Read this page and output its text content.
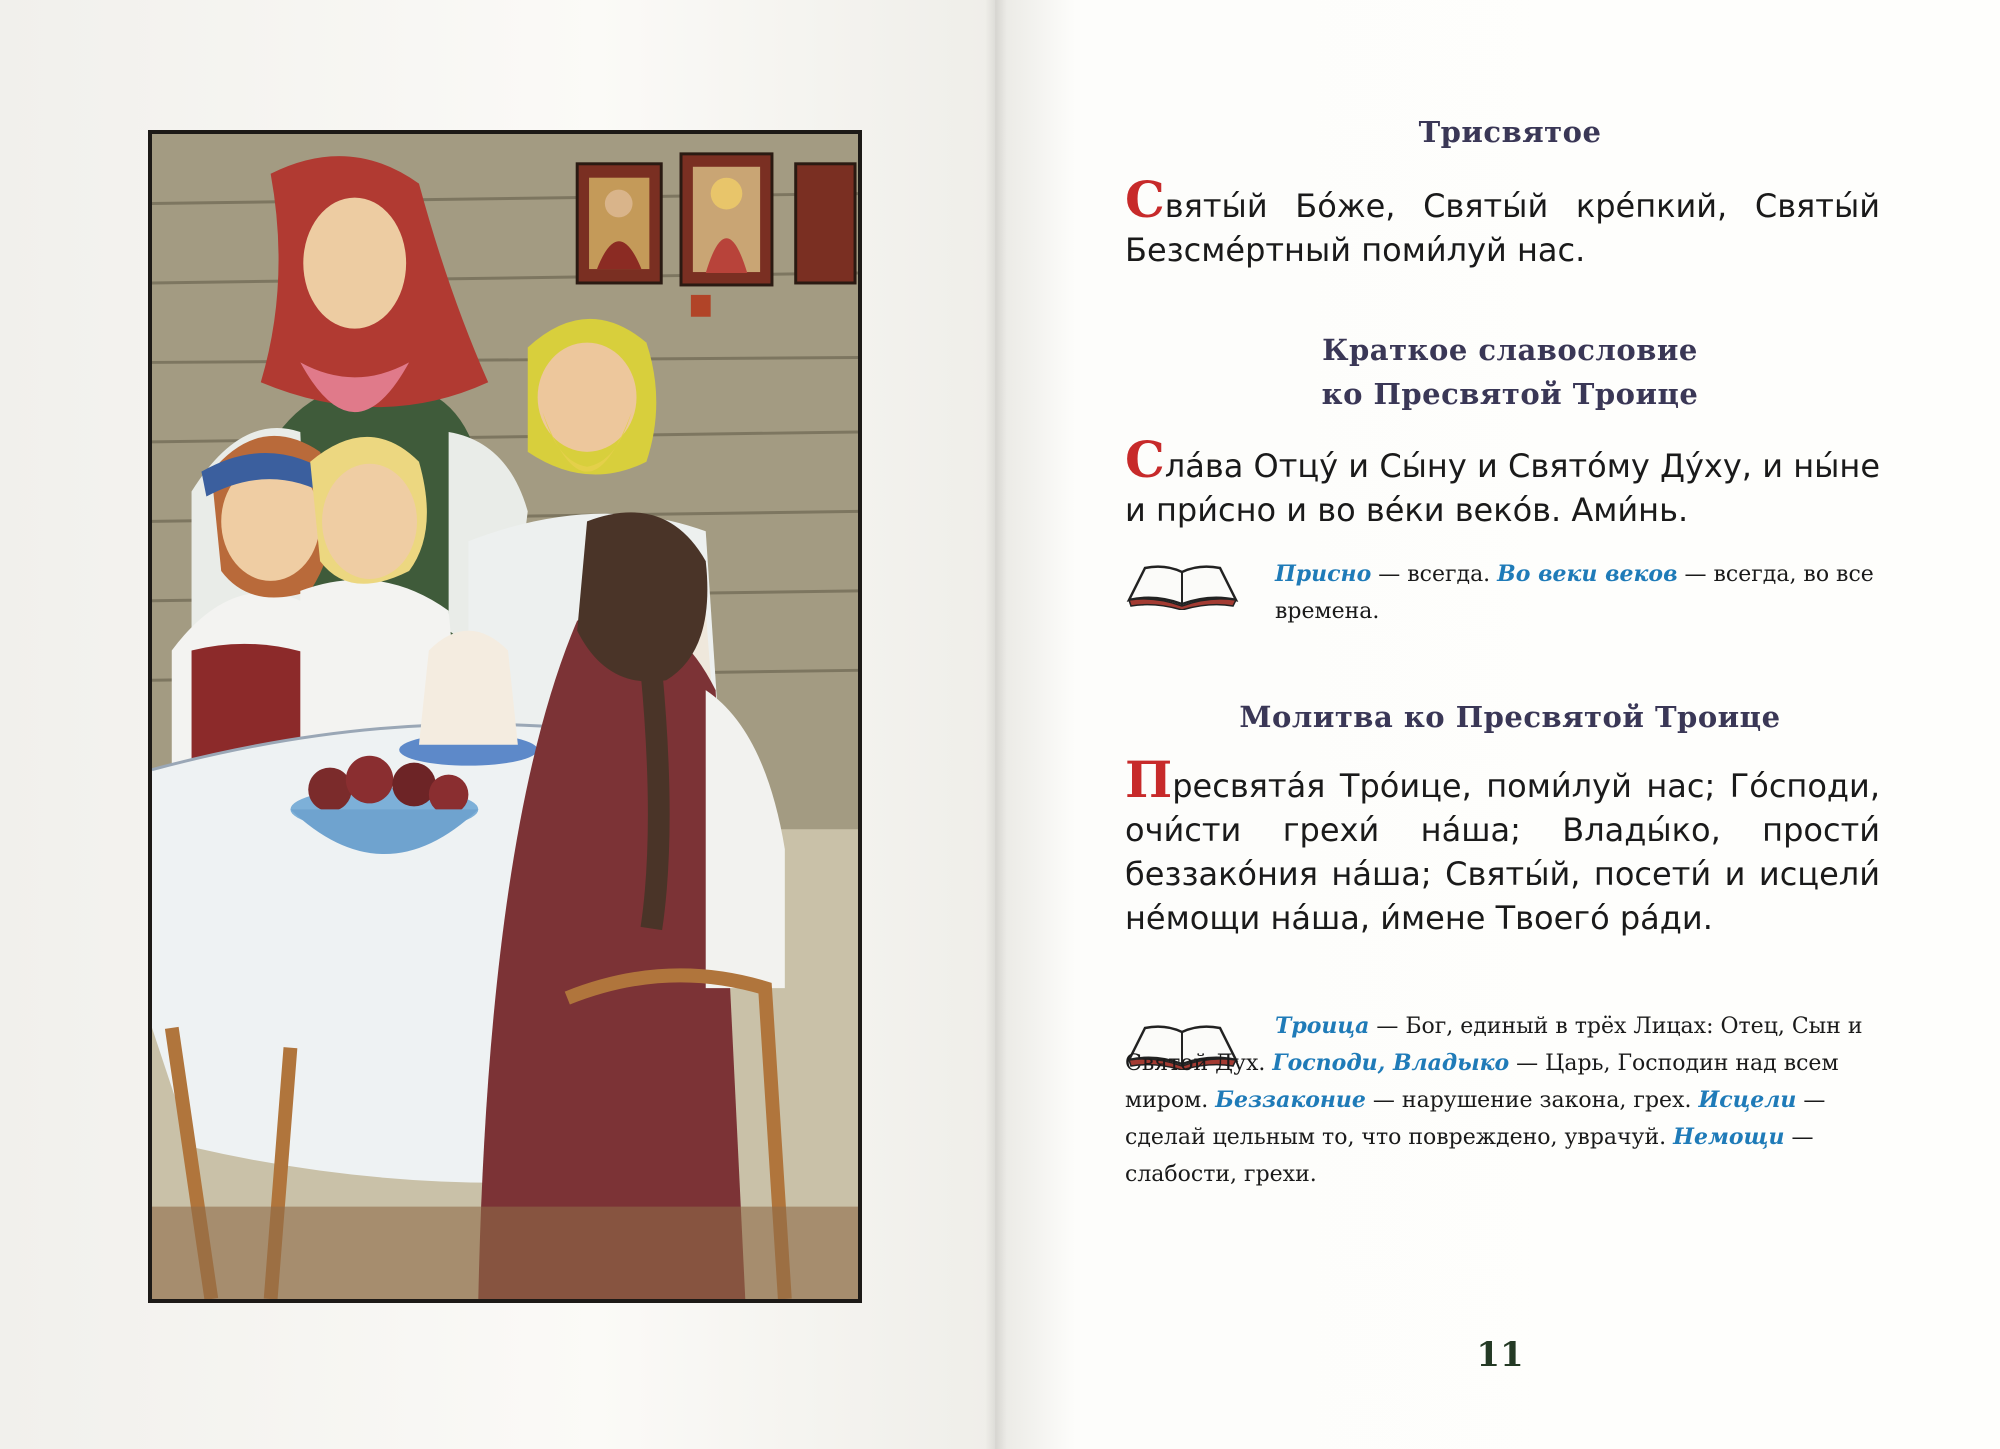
Трисвятое
Святы́й Бо́же, Святы́й кре́пкий, Святы́й Безсме́ртный поми́луй нас.
Краткое славословие
ко Пресвятой Троице
Сла́ва Отцу́ и Сы́ну и Свято́му Ду́ху, и ны́не и при́сно и во ве́ки веко́в. Ами́нь.
Присно — всегда. Во веки веков — всегда, во все времена.
Молитва ко Пресвятой Троице
Пресвята́я Тро́ице, поми́луй нас; Го́споди, очи́сти грехи́ на́ша; Влады́ко, прости́ беззако́ния на́ша; Святы́й, посети́ и исцели́ не́мощи на́ша, и́мене Твоего́ ра́ди.
Троица — Бог, единый в трёх Лицах: Отец, Сын и Святой Дух. Господи, Владыко — Царь, Господин над всем миром. Беззаконие — нарушение закона, грех. Исцели — сделай цельным то, что повреждено, уврачуй. Немощи — слабости, грехи.
11
